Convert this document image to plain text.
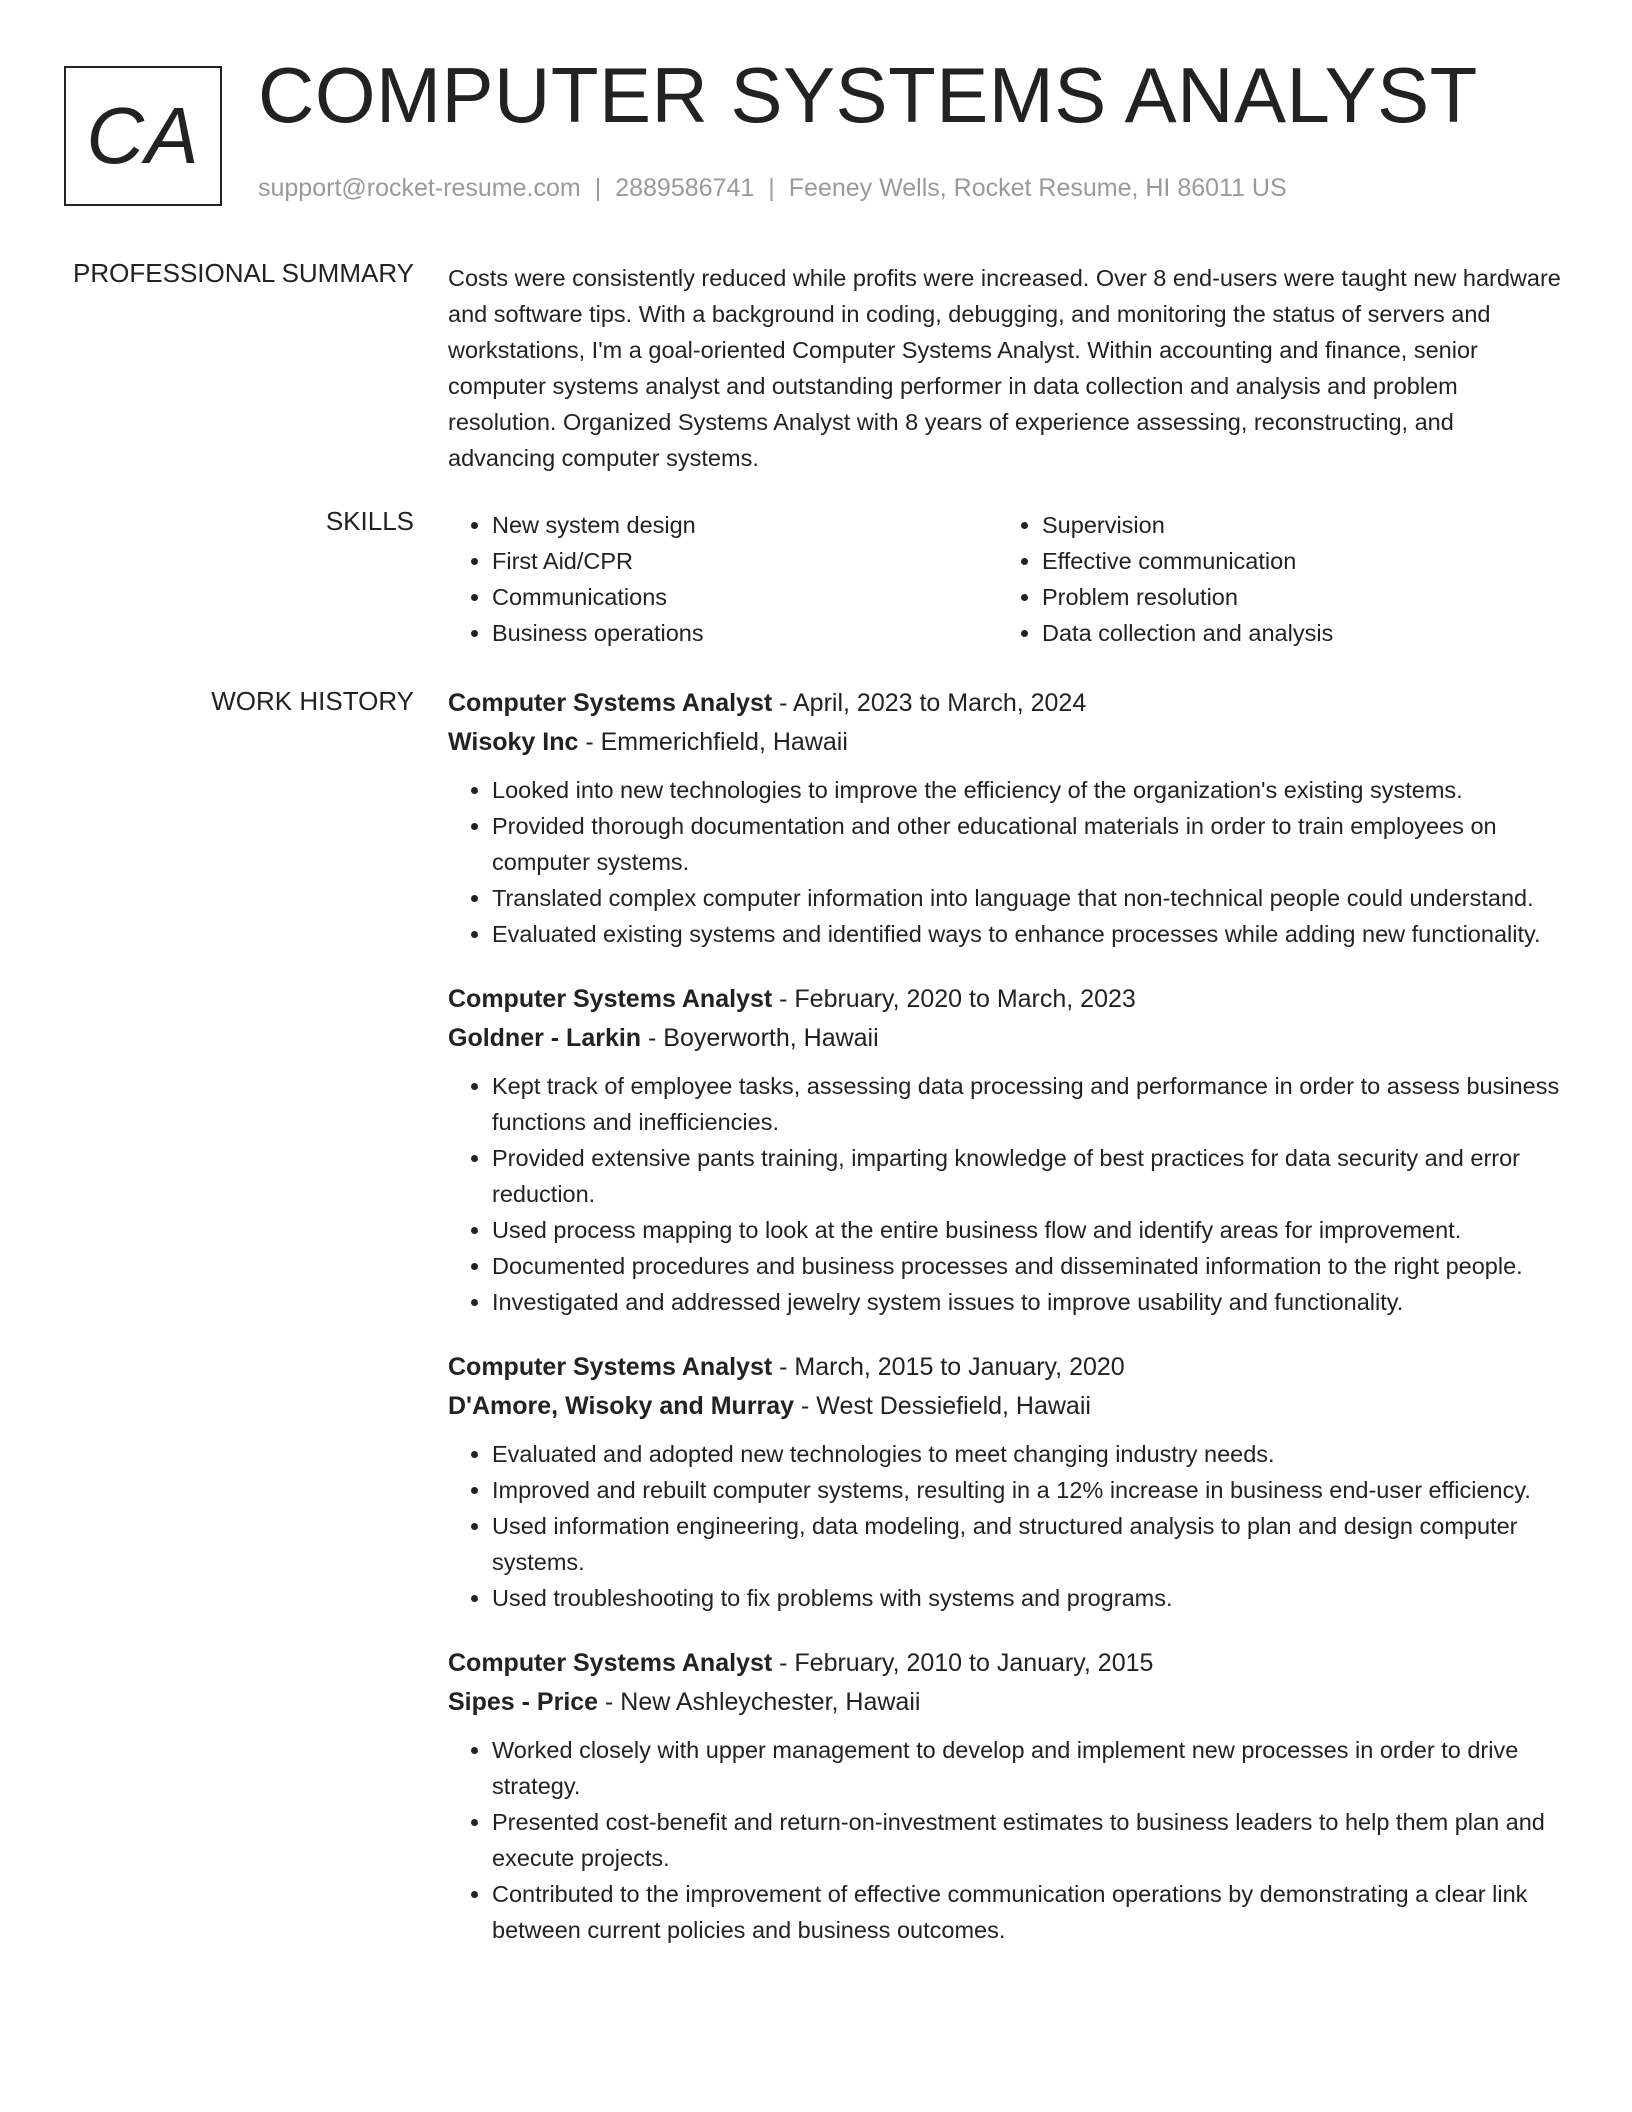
CA COMPUTER SYSTEMS ANALYST
support@rocket-resume.com | 2889586741 | Feeney Wells, Rocket Resume, HI 86011 US
PROFESSIONAL SUMMARY Costs were consistently reduced while profits were increased. Over 8 end-users were taught new hardware and software tips. With a background in coding, debugging, and monitoring the status of servers and workstations, I'm a goal-oriented Computer Systems Analyst. Within accounting and finance, senior computer systems analyst and outstanding performer in data collection and analysis and problem resolution. Organized Systems Analyst with 8 years of experience assessing, reconstructing, and advancing computer systems.

SKILLS
•	New system design
• First Aid/CPR
• Communications
• Business operations
• Supervision
• Effective communication
• Problem resolution
• Data collection and analysis
WORK HISTORY Computer Systems Analyst - April, 2023 to March, 2024
Wisoky Inc - Emmerichfield, Hawaii
• Looked into new technologies to improve the efficiency of the organization's existing systems.
• Provided thorough documentation and other educational materials in order to train employees on computer systems.
• Translated complex computer information into language that non-technical people could understand.
• Evaluated existing systems and identified ways to enhance processes while adding new functionality.
Computer Systems Analyst - February, 2020 to March, 2023
Goldner - Larkin - Boyerworth, Hawaii
• Kept track of employee tasks, assessing data processing and performance in order to assess business functions and inefficiencies.
• Provided extensive pants training, imparting knowledge of best practices for data security and error reduction.
• Used process mapping to look at the entire business flow and identify areas for improvement.
• Documented procedures and business processes and disseminated information to the right people.
• Investigated and addressed jewelry system issues to improve usability and functionality.
Computer Systems Analyst - March, 2015 to January, 2020
D'Amore, Wisoky and Murray - West Dessiefield, Hawaii
• Evaluated and adopted new technologies to meet changing industry needs.
• Improved and rebuilt computer systems, resulting in a 12% increase in business end-user efficiency.
• Used information engineering, data modeling, and structured analysis to plan and design computer systems.
• Used troubleshooting to fix problems with systems and programs.
Computer Systems Analyst - February, 2010 to January, 2015
Sipes - Price - New Ashleychester, Hawaii
• Worked closely with upper management to develop and implement new processes in order to drive strategy.
• Presented cost-benefit and return-on-investment estimates to business leaders to help them plan and execute projects.
• Contributed to the improvement of effective communication operations by demonstrating a clear link between current policies and business outcomes.
